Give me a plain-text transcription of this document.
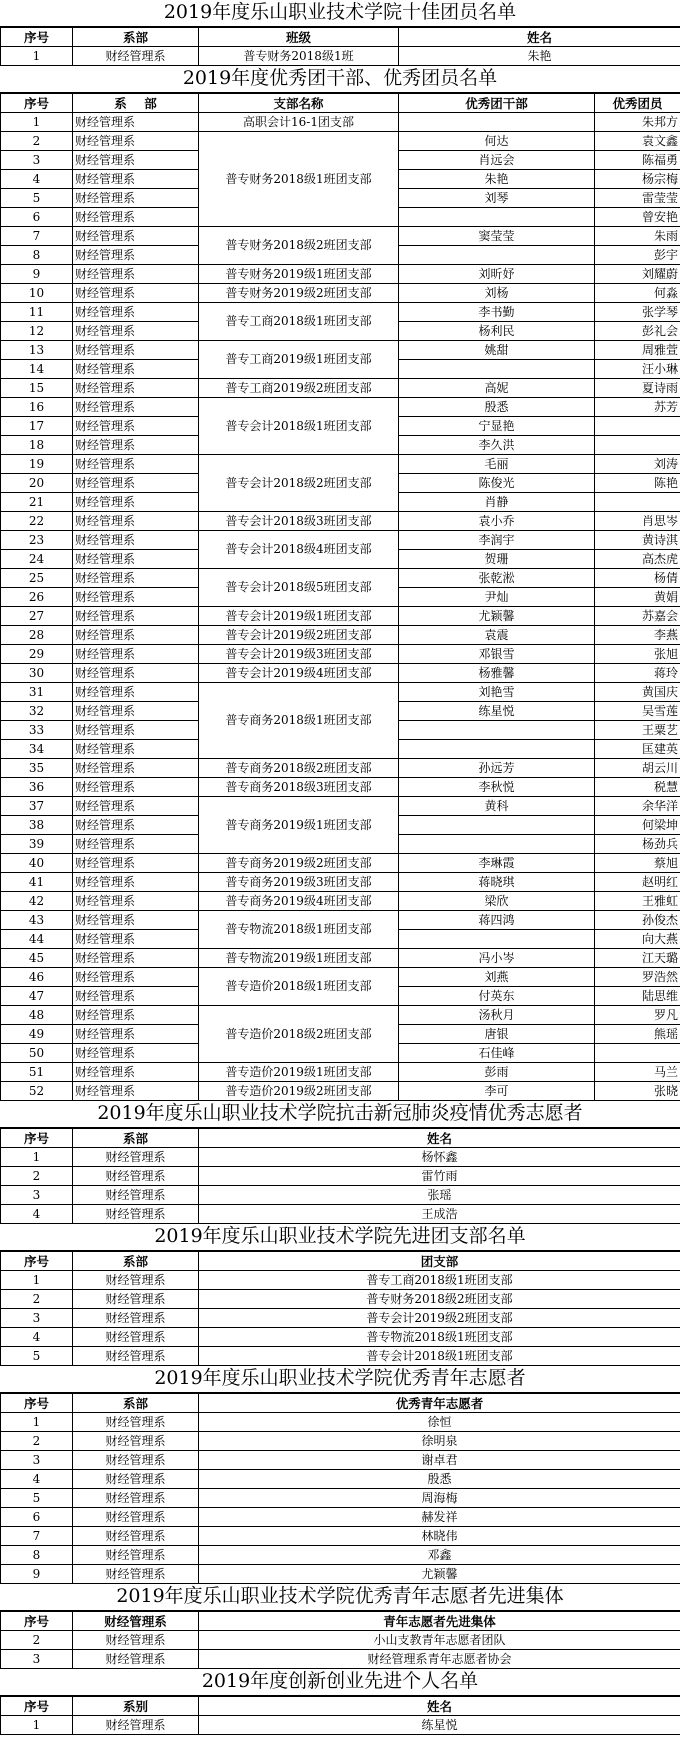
2019年度乐山职业技术学院十佳团员名单
序号	系部	班级	姓名
1	财经管理系	普专财务2018级1班	朱艳
2019年度优秀团干部、优秀团员名单
序号	系    部	支部名称	优秀团干部	优秀团员
1	财经管理系	高职会计16-1团支部		朱邦方
2	财经管理系	普专财务2018级1班团支部	何达	袁文鑫
3	财经管理系		肖远会	陈福勇
4	财经管理系		朱艳	杨宗梅
5	财经管理系		刘琴	雷莹莹
6	财经管理系			曾安艳
7	财经管理系	普专财务2018级2班团支部	窦莹莹	朱雨
8	财经管理系			彭宇
9	财经管理系	普专财务2019级1班团支部	刘昕妤	刘耀蔚
10	财经管理系	普专财务2019级2班团支部	刘杨	何淼
11	财经管理系	普专工商2018级1班团支部	李书勤	张学琴
12	财经管理系		杨利民	彭礼会
13	财经管理系	普专工商2019级1班团支部	姚甜	周雅萱
14	财经管理系			汪小琳
15	财经管理系	普专工商2019级2班团支部	高妮	夏诗雨
16	财经管理系	普专会计2018级1班团支部	殷悉	苏芳
17	财经管理系		宁显艳	
18	财经管理系		李久洪	
19	财经管理系	普专会计2018级2班团支部	毛丽	刘涛
20	财经管理系		陈俊光	陈艳
21	财经管理系		肖静	
22	财经管理系	普专会计2018级3班团支部	袁小乔	肖思岑
23	财经管理系	普专会计2018级4班团支部	李润宇	黄诗淇
24	财经管理系		贺珊	高杰虎
25	财经管理系	普专会计2018级5班团支部	张乾淞	杨倩
26	财经管理系		尹灿	黄娟
27	财经管理系	普专会计2019级1班团支部	尤颖馨	苏嘉会
28	财经管理系	普专会计2019级2班团支部	袁震	李燕
29	财经管理系	普专会计2019级3班团支部	邓银雪	张旭
30	财经管理系	普专会计2019级4班团支部	杨雅馨	蒋玲
31	财经管理系	普专商务2018级1班团支部	刘艳雪	黄国庆
32	财经管理系		练星悦	吴雪莲
33	财经管理系			王粟艺
34	财经管理系			匡建英
35	财经管理系	普专商务2018级2班团支部	孙远芳	胡云川
36	财经管理系	普专商务2018级3班团支部	李秋悦	税慧
37	财经管理系	普专商务2019级1班团支部	黄科	余华洋
38	财经管理系			何梁坤
39	财经管理系			杨劲兵
40	财经管理系	普专商务2019级2班团支部	李琳霞	蔡旭
41	财经管理系	普专商务2019级3班团支部	蒋晓琪	赵明红
42	财经管理系	普专商务2019级4班团支部	梁欣	王雅虹
43	财经管理系	普专物流2018级1班团支部	蒋四鸿	孙俊杰
44	财经管理系			向大燕
45	财经管理系	普专物流2019级1班团支部	冯小岑	江天璐
46	财经管理系	普专造价2018级1班团支部	刘燕	罗浩然
47	财经管理系		付英东	陆思维
48	财经管理系	普专造价2018级2班团支部	汤秋月	罗凡
49	财经管理系		唐银	熊瑶
50	财经管理系		石佳峰	
51	财经管理系	普专造价2019级1班团支部	彭雨	马兰
52	财经管理系	普专造价2019级2班团支部	李可	张晓
2019年度乐山职业技术学院抗击新冠肺炎疫情优秀志愿者
序号	系部	姓名
1	财经管理系	杨怀鑫
2	财经管理系	雷竹雨
3	财经管理系	张瑶
4	财经管理系	王成浩
2019年度乐山职业技术学院先进团支部名单
序号	系部	团支部
1	财经管理系	普专工商2018级1班团支部
2	财经管理系	普专财务2018级2班团支部
3	财经管理系	普专会计2019级2班团支部
4	财经管理系	普专物流2018级1班团支部
5	财经管理系	普专会计2018级1班团支部
2019年度乐山职业技术学院优秀青年志愿者
序号	系部	优秀青年志愿者
1	财经管理系	徐恒
2	财经管理系	徐明泉
3	财经管理系	谢卓君
4	财经管理系	殷悉
5	财经管理系	周海梅
6	财经管理系	赫发祥
7	财经管理系	林晓伟
8	财经管理系	邓鑫
9	财经管理系	尤颖馨
2019年度乐山职业技术学院优秀青年志愿者先进集体
序号	财经管理系	青年志愿者先进集体
2	财经管理系	小山支教青年志愿者团队
3	财经管理系	财经管理系青年志愿者协会
2019年度创新创业先进个人名单
序号	系别	姓名
1	财经管理系	练星悦
